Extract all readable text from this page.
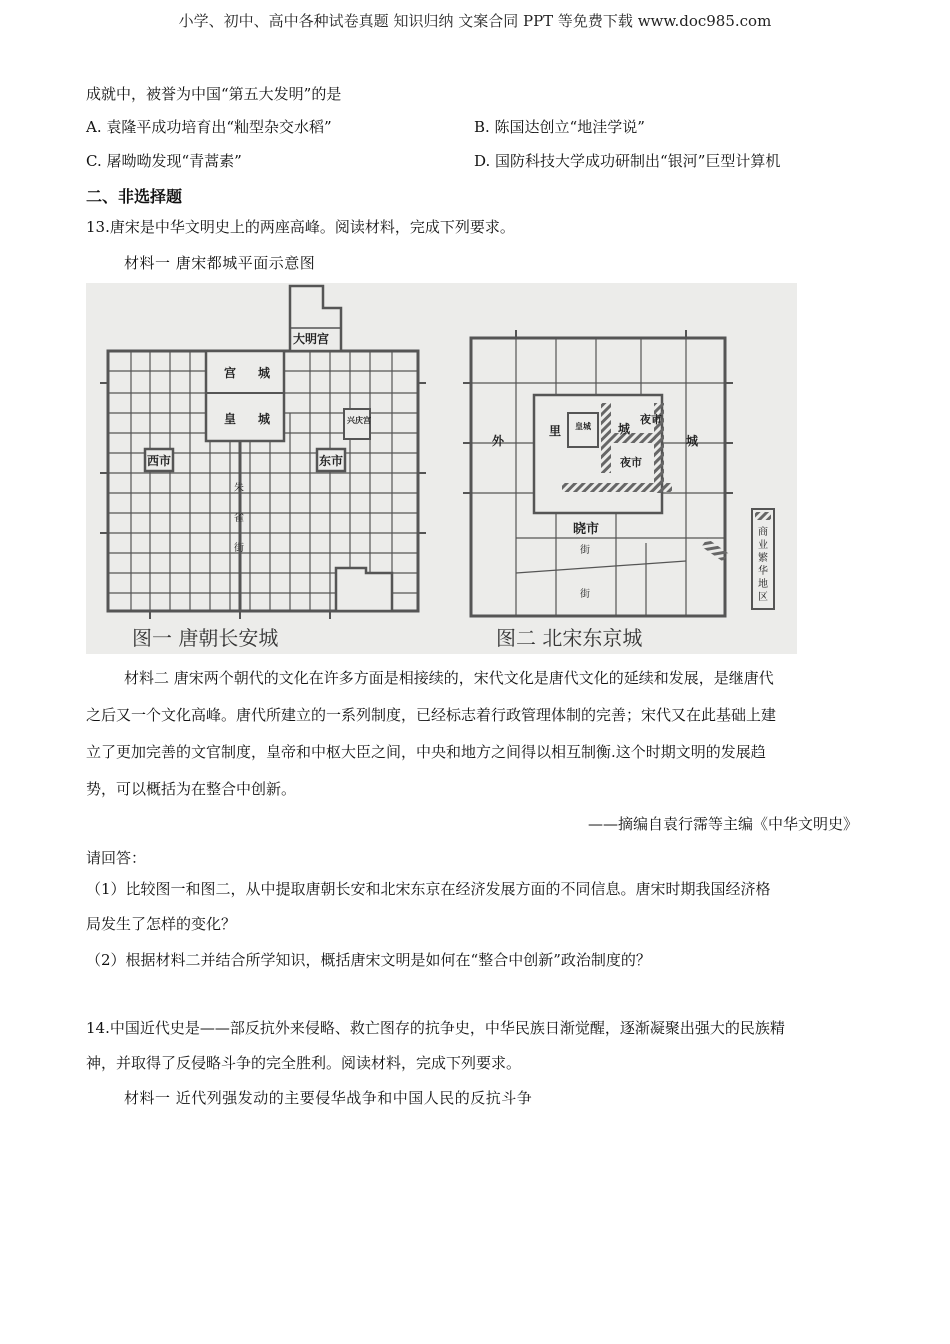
小学、初中、高中各种试卷真题 知识归纳 文案合同 PPT 等免费下载 www.doc985.com
成就中，被誉为中国“第五大发明”的是
A. 袁隆平成功培育出“籼型杂交水稻”	B. 陈国达创立“地洼学说”
C. 屠呦呦发现“青蒿素”	D. 国防科技大学成功研制出“银河”巨型计算机
二、非选择题
13.唐宋是中华文明史上的两座高峰。阅读材料，完成下列要求。
材料一 唐宋都城平面示意图
大明宫
宫 城
皇 城	兴庆宫
西市	东市
朱
雀
街
图一 唐朝长安城
外
里 皇城 城
夜市
夜市
城
晓市
街
街
商业繁华地区
图二 北宋东京城
材料二 唐宋两个朝代的文化在许多方面是相接续的，宋代文化是唐代文化的延续和发展，是继唐代
之后又一个文化高峰。唐代所建立的一系列制度，已经标志着行政管理体制的完善；宋代又在此基础上建
立了更加完善的文官制度，皇帝和中枢大臣之间，中央和地方之间得以相互制衡.这个时期文明的发展趋
势，可以概括为在整合中创新。
——摘编自袁行霈等主编《中华文明史》
请回答：
（1）比较图一和图二，从中提取唐朝长安和北宋东京在经济发展方面的不同信息。唐宋时期我国经济格
局发生了怎样的变化？
（2）根据材料二并结合所学知识，概括唐宋文明是如何在“整合中创新”政治制度的？
14.中国近代史是——部反抗外来侵略、救亡图存的抗争史，中华民族日渐觉醒，逐渐凝聚出强大的民族精
神，并取得了反侵略斗争的完全胜利。阅读材料，完成下列要求。
材料一 近代列强发动的主要侵华战争和中国人民的反抗斗争
